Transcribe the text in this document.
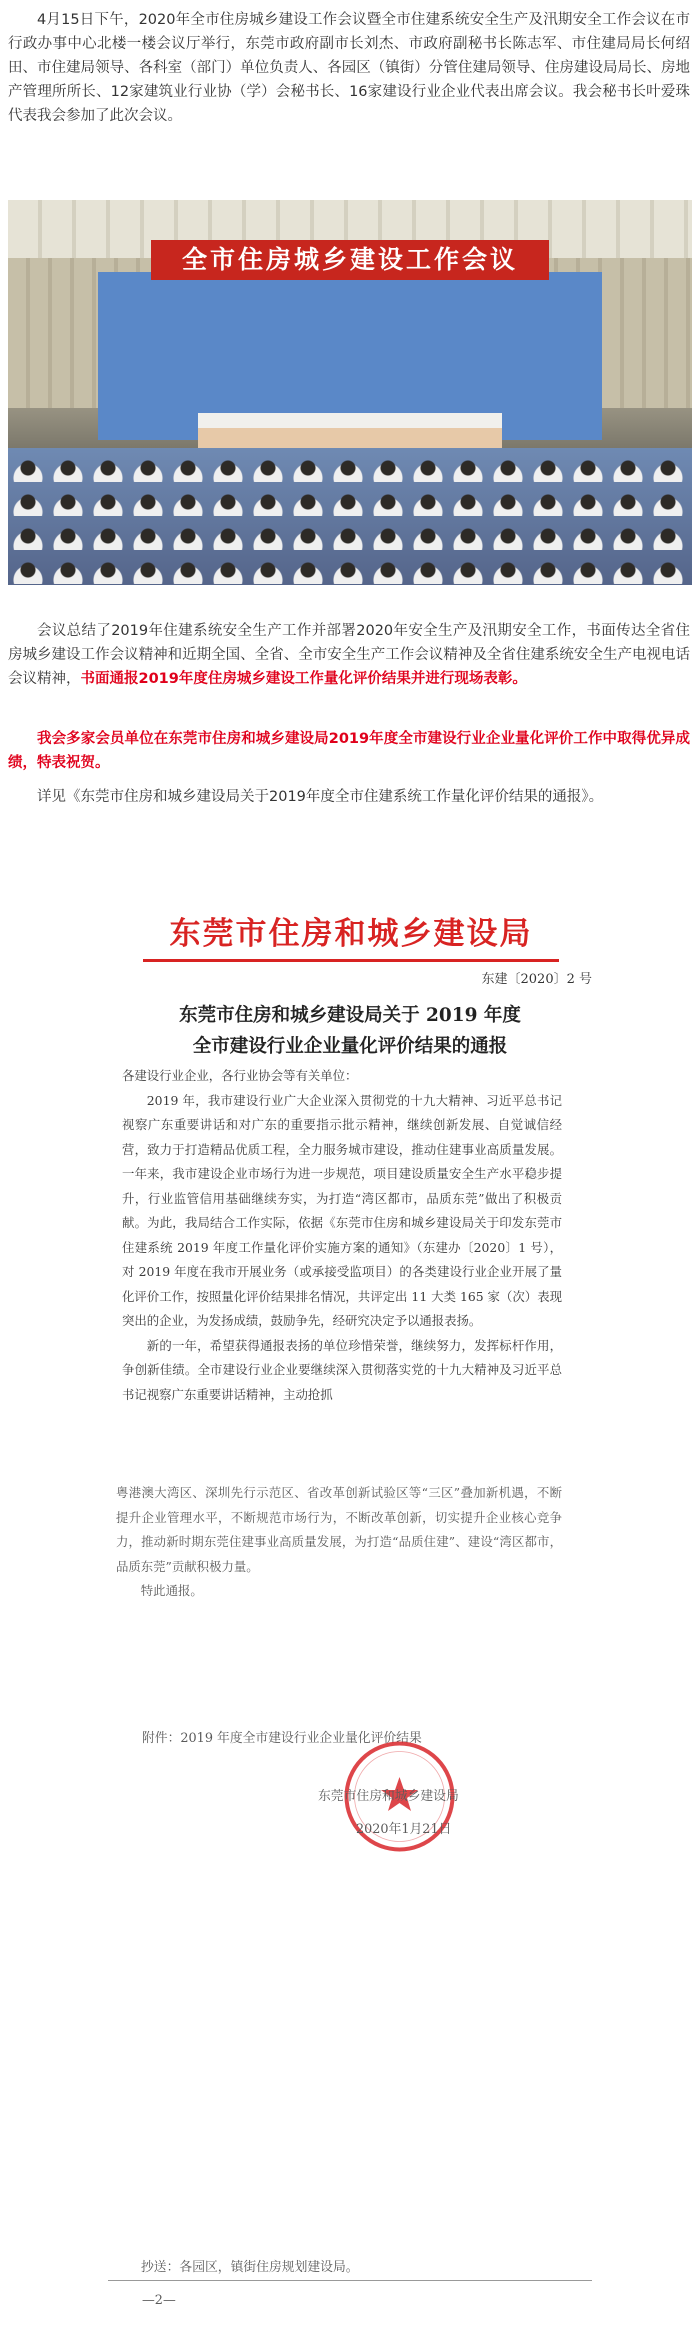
4月15日下午，2020年全市住房城乡建设工作会议暨全市住建系统安全生产及汛期安全工作会议在市行政办事中心北楼一楼会议厅举行，东莞市政府副市长刘杰、市政府副秘书长陈志军、市住建局局长何绍田、市住建局领导、各科室（部门）单位负责人、各园区（镇街）分管住建局领导、住房建设局局长、房地产管理所所长、12家建筑业行业协（学）会秘书长、16家建设行业企业代表出席会议。我会秘书长叶爱珠代表我会参加了此次会议。

全市住房城乡建设工作会议

会议总结了2019年住建系统安全生产工作并部署2020年安全生产及汛期安全工作，书面传达全省住房城乡建设工作会议精神和近期全国、全省、全市安全生产工作会议精神及全省住建系统安全生产电视电话会议精神，书面通报2019年度住房城乡建设工作量化评价结果并进行现场表彰。

我会多家会员单位在东莞市住房和城乡建设局2019年度全市建设行业企业量化评价工作中取得优异成绩，特表祝贺。

详见《东莞市住房和城乡建设局关于2019年度全市住建系统工作量化评价结果的通报》。

东莞市住房和城乡建设局
东建〔2020〕2 号
东莞市住房和城乡建设局关于 2019 年度
全市建设行业企业量化评价结果的通报

各建设行业企业，各行业协会等有关单位：

2019 年，我市建设行业广大企业深入贯彻党的十九大精神、习近平总书记视察广东重要讲话和对广东的重要指示批示精神，继续创新发展、自觉诚信经营，致力于打造精品优质工程，全力服务城市建设，推动住建事业高质量发展。一年来，我市建设企业市场行为进一步规范，项目建设质量安全生产水平稳步提升，行业监管信用基础继续夯实，为打造“湾区都市，品质东莞”做出了积极贡献。为此，我局结合工作实际，依据《东莞市住房和城乡建设局关于印发东莞市住建系统 2019 年度工作量化评价实施方案的通知》（东建办〔2020〕1 号），对 2019 年度在我市开展业务（或承接受监项目）的各类建设行业企业开展了量化评价工作，按照量化评价结果排名情况，共评定出 11 大类 165 家（次）表现突出的企业，为发扬成绩，鼓励争先，经研究决定予以通报表扬。

新的一年，希望获得通报表扬的单位珍惜荣誉，继续努力，发挥标杆作用，争创新佳绩。全市建设行业企业要继续深入贯彻落实党的十九大精神及习近平总书记视察广东重要讲话精神，主动抢抓

粤港澳大湾区、深圳先行示范区、省改革创新试验区等“三区”叠加新机遇，不断提升企业管理水平，不断规范市场行为，不断改革创新，切实提升企业核心竞争力，推动新时期东莞住建事业高质量发展，为打造“品质住建”、建设“湾区都市，品质东莞”贡献积极力量。

特此通报。

附件：2019 年度全市建设行业企业量化评价结果
东莞市住房和城乡建设局
2020年1月21日
抄送：各园区，镇街住房规划建设局。
—2—
